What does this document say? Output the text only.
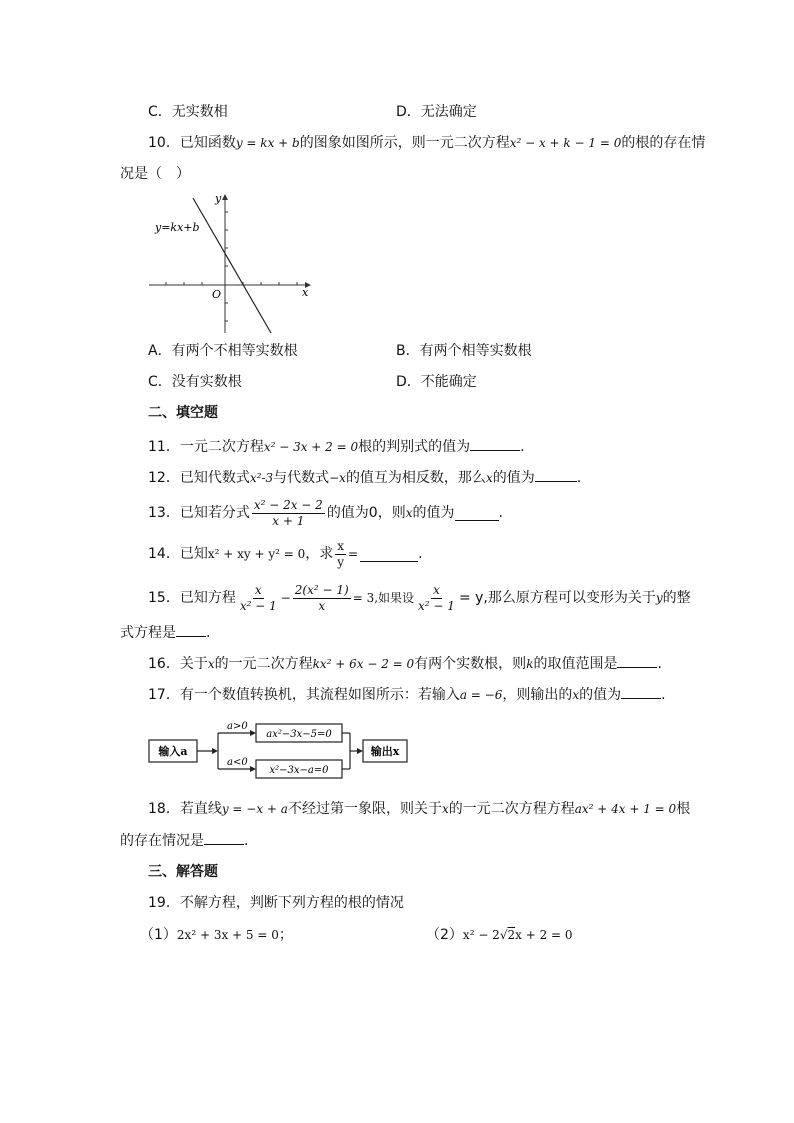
C．无实数相	D．无法确定
10．已知函数y = kx + b的图象如图所示，则一元二次方程x² − x + k − 1 = 0的根的存在情
况是（　）
y=kx+b
y
x
O
A．有两个不相等实数根	B．有两个相等实数根
C．没有实数根	D．不能确定
二、填空题
11．一元二次方程x² − 3x + 2 = 0根的判别式的值为	.
12．已知代数式x²-3与代数式−x的值互为相反数，那么x的值为	.
13． 已知若分式 $\frac{\text{x² − 2x − 2}}{x + 1}$ 的值为0，则 x 的值为	.
14． 已知 x² + xy + y² = 0 ，求 $\frac{x}{y}$ =	.
15． 已知方程 $\frac{x}{\text{x² − 1}} - \frac{\text{2(x² − 1)}}{x} = 3$,如果设 $\frac{x}{\text{x² − 1}} = y$,那么原方程可以变形为关于 y 的整
式方程是 .
16．关于x的一元二次方程kx² + 6x − 2 = 0有两个实数根，则k的取值范围是	.
17．有一个数值转换机，其流程如图所示：若输入a = −6，则输出的x的值为	.
输入a
a>0
a<0
ax²−3x−5=0
x²−3x−a=0
输出x
18．若直线y = −x + a不经过第一象限，则关于x的一元二次方程方程ax² + 4x + 1 = 0根
的存在情况是	.
三、解答题
19．不解方程，判断下列方程的根的情况
（1）2x² + 3x + 5 = 0；	（2）x² − 2√2x + 2 = 0
